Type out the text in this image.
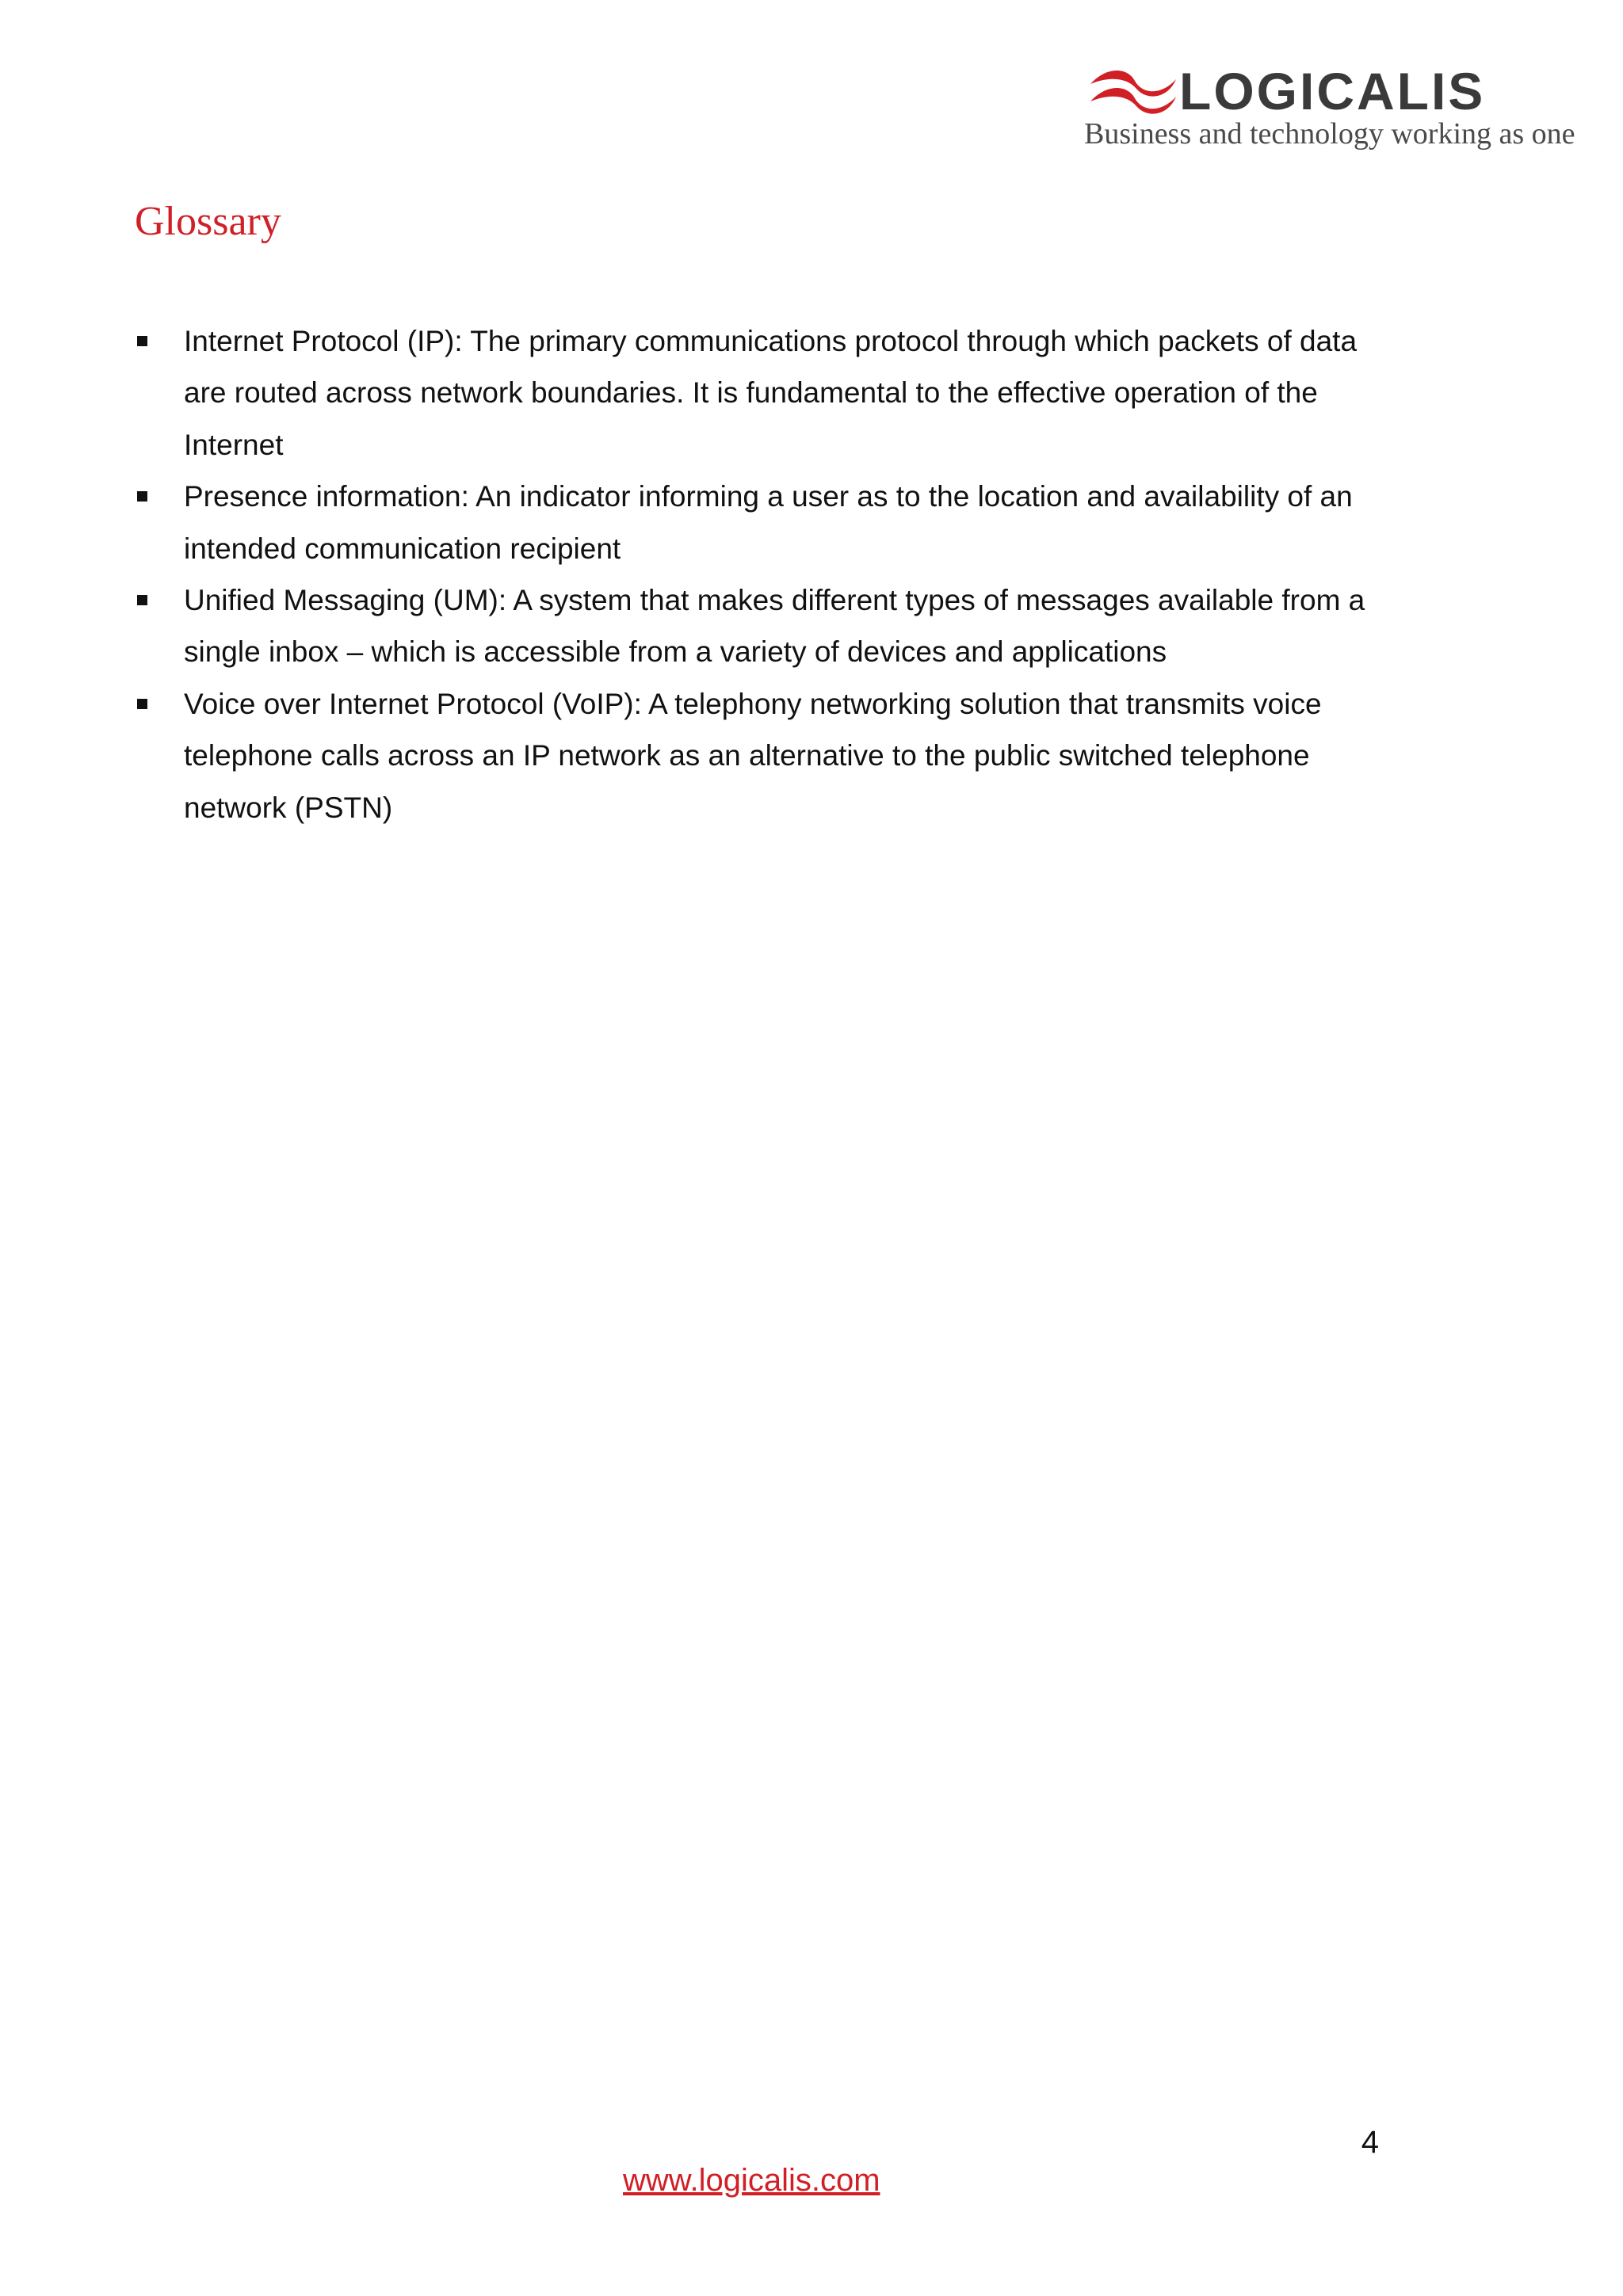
LOGICALIS
Business and technology working as one
Glossary
Internet Protocol (IP): The primary communications protocol through which packets of data are routed across network boundaries. It is fundamental to the effective operation of the Internet
Presence information: An indicator informing a user as to the location and availability of an intended communication recipient
Unified Messaging (UM): A system that makes different types of messages available from a single inbox – which is accessible from a variety of devices and applications
Voice over Internet Protocol (VoIP): A telephony networking solution that transmits voice telephone calls across an IP network as an alternative to the public switched telephone network (PSTN)
4
www.logicalis.com
